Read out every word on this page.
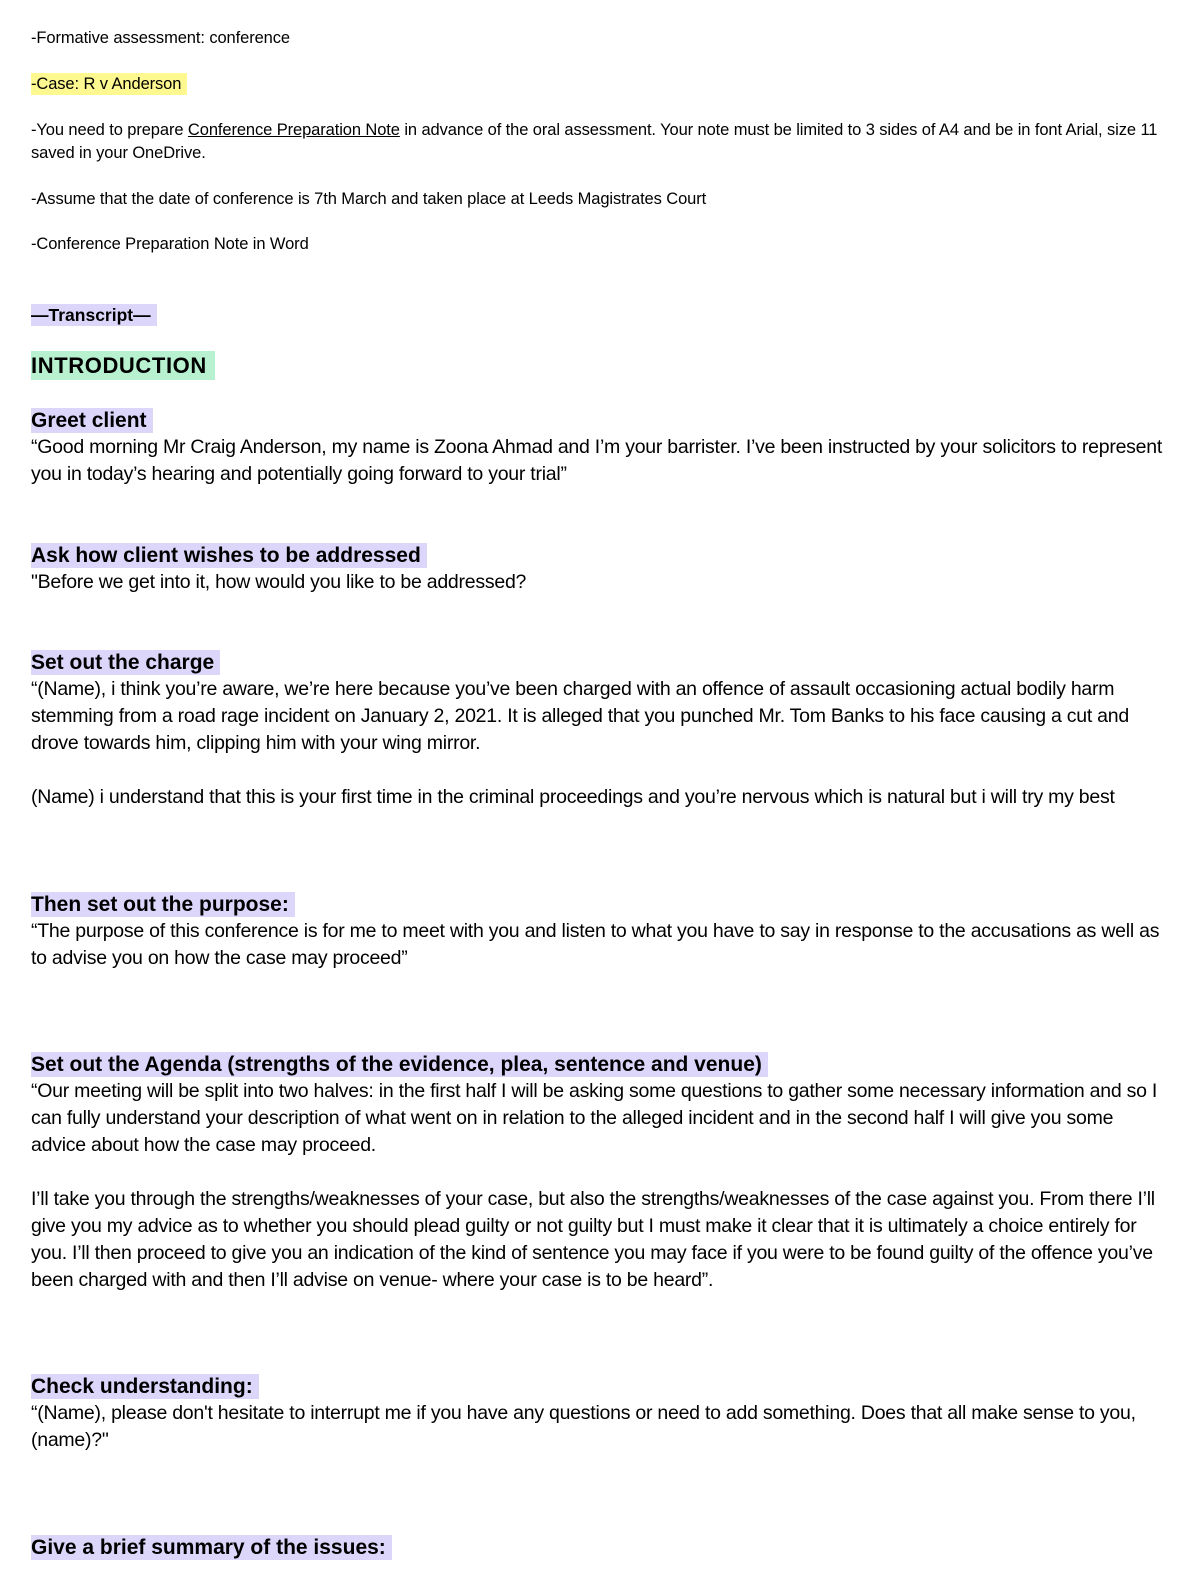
-Formative assessment: conference

-Case: R v Anderson

-You need to prepare Conference Preparation Note in advance of the oral assessment. Your note must be limited to 3 sides of A4 and be in font Arial, size 11 saved in your OneDrive.

-Assume that the date of conference is 7th March and taken place at Leeds Magistrates Court

-Conference Preparation Note in Word

—Transcript—

INTRODUCTION

Greet client

“Good morning Mr Craig Anderson, my name is Zoona Ahmad and I’m your barrister. I’ve been instructed by your solicitors to represent you in today’s hearing and potentially going forward to your trial”

Ask how client wishes to be addressed

"Before we get into it, how would you like to be addressed?

Set out the charge

“(Name), i think you’re aware, we’re here because you’ve been charged with an offence of assault occasioning actual bodily harm stemming from a road rage incident on January 2, 2021. It is alleged that you punched Mr. Tom Banks to his face causing a cut and drove towards him, clipping him with your wing mirror.

(Name) i understand that this is your first time in the criminal proceedings and you’re nervous which is natural but i will try my best

Then set out the purpose:

“The purpose of this conference is for me to meet with you and listen to what you have to say in response to the accusations as well as to advise you on how the case may proceed”

Set out the Agenda (strengths of the evidence, plea, sentence and venue)

“Our meeting will be split into two halves: in the first half I will be asking some questions to gather some necessary information and so I can fully understand your description of what went on in relation to the alleged incident and in the second half I will give you some advice about how the case may proceed.

I’ll take you through the strengths/weaknesses of your case, but also the strengths/weaknesses of the case against you. From there I’ll give you my advice as to whether you should plead guilty or not guilty but I must make it clear that it is ultimately a choice entirely for you. I’ll then proceed to give you an indication of the kind of sentence you may face if you were to be found guilty of the offence you’ve been charged with and then I’ll advise on venue- where your case is to be heard”.

Check understanding:

“(Name), please don't hesitate to interrupt me if you have any questions or need to add something. Does that all make sense to you, (name)?"

Give a brief summary of the issues:
